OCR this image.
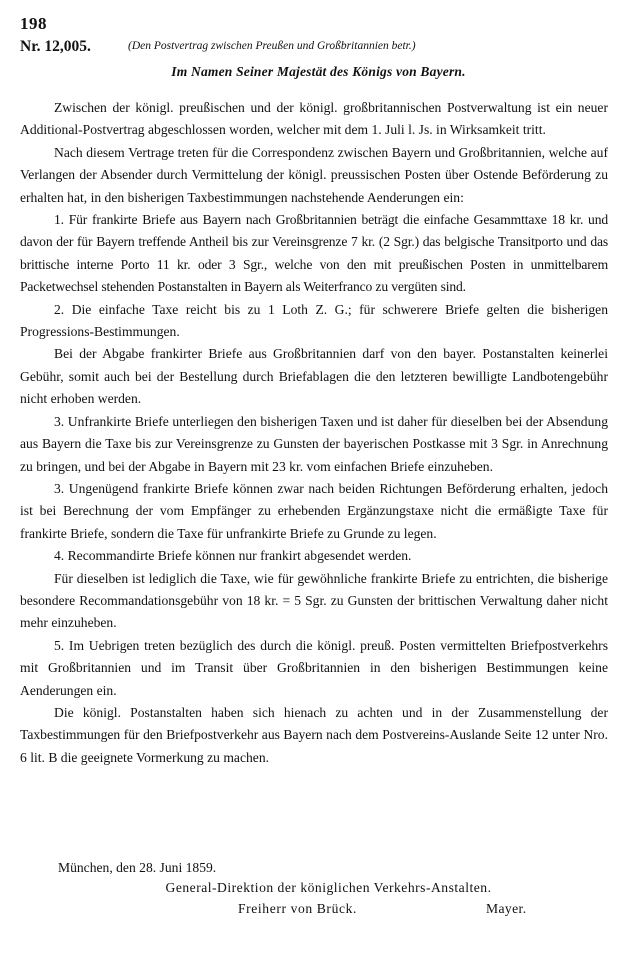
198
Nr. 12,005.	(Den Postvertrag zwischen Preußen und Großbritannien betr.)
Im Namen Seiner Majestät des Königs von Bayern.

Zwischen der königl. preußischen und der königl. großbritannischen Postverwaltung ist ein neuer Additional-Postvertrag abgeschlossen worden, welcher mit dem 1. Juli l. Js. in Wirksamkeit tritt.

Nach diesem Vertrage treten für die Correspondenz zwischen Bayern und Großbritannien, welche auf Verlangen der Absender durch Vermittelung der königl. preussischen Posten über Ostende Beförderung zu erhalten hat, in den bisherigen Taxbestimmungen nachstehende Aenderungen ein:

1. Für frankirte Briefe aus Bayern nach Großbritannien beträgt die einfache Gesammttaxe 18 kr. und davon der für Bayern treffende Antheil bis zur Vereinsgrenze 7 kr. (2 Sgr.) das belgische Transitporto und das brittische interne Porto 11 kr. oder 3 Sgr., welche von den mit preußischen Posten in unmittelbarem Packetwechsel stehenden Postanstalten in Bayern als Weiterfranco zu vergüten sind.

2. Die einfache Taxe reicht bis zu 1 Loth Z. G.; für schwerere Briefe gelten die bisherigen Progressions-Bestimmungen.

Bei der Abgabe frankirter Briefe aus Großbritannien darf von den bayer. Postanstalten keinerlei Gebühr, somit auch bei der Bestellung durch Briefablagen die den letzteren bewilligte Landbotengebühr nicht erhoben werden.

3. Unfrankirte Briefe unterliegen den bisherigen Taxen und ist daher für dieselben bei der Absendung aus Bayern die Taxe bis zur Vereinsgrenze zu Gunsten der bayerischen Postkasse mit 3 Sgr. in Anrechnung zu bringen, und bei der Abgabe in Bayern mit 23 kr. vom einfachen Briefe einzuheben.

3. Ungenügend frankirte Briefe können zwar nach beiden Richtungen Beförderung erhalten, jedoch ist bei Berechnung der vom Empfänger zu erhebenden Ergänzungstaxe nicht die ermäßigte Taxe für frankirte Briefe, sondern die Taxe für unfrankirte Briefe zu Grunde zu legen.

4. Recommandirte Briefe können nur frankirt abgesendet werden.

Für dieselben ist lediglich die Taxe, wie für gewöhnliche frankirte Briefe zu entrichten, die bisherige besondere Recommandationsgebühr von 18 kr. = 5 Sgr. zu Gunsten der brittischen Verwaltung daher nicht mehr einzuheben.

5. Im Uebrigen treten bezüglich des durch die königl. preuß. Posten vermittelten Briefpostverkehrs mit Großbritannien und im Transit über Großbritannien in den bisherigen Bestimmungen keine Aenderungen ein.

Die königl. Postanstalten haben sich hienach zu achten und in der Zusammenstellung der Taxbestimmungen für den Briefpostverkehr aus Bayern nach dem Postvereins-Auslande Seite 12 unter Nro. 6 lit. B die geeignete Vormerkung zu machen.

München, den 28. Juni 1859.
General-Direktion der königlichen Verkehrs-Anstalten.
Freiherr von Brück.	Mayer.
